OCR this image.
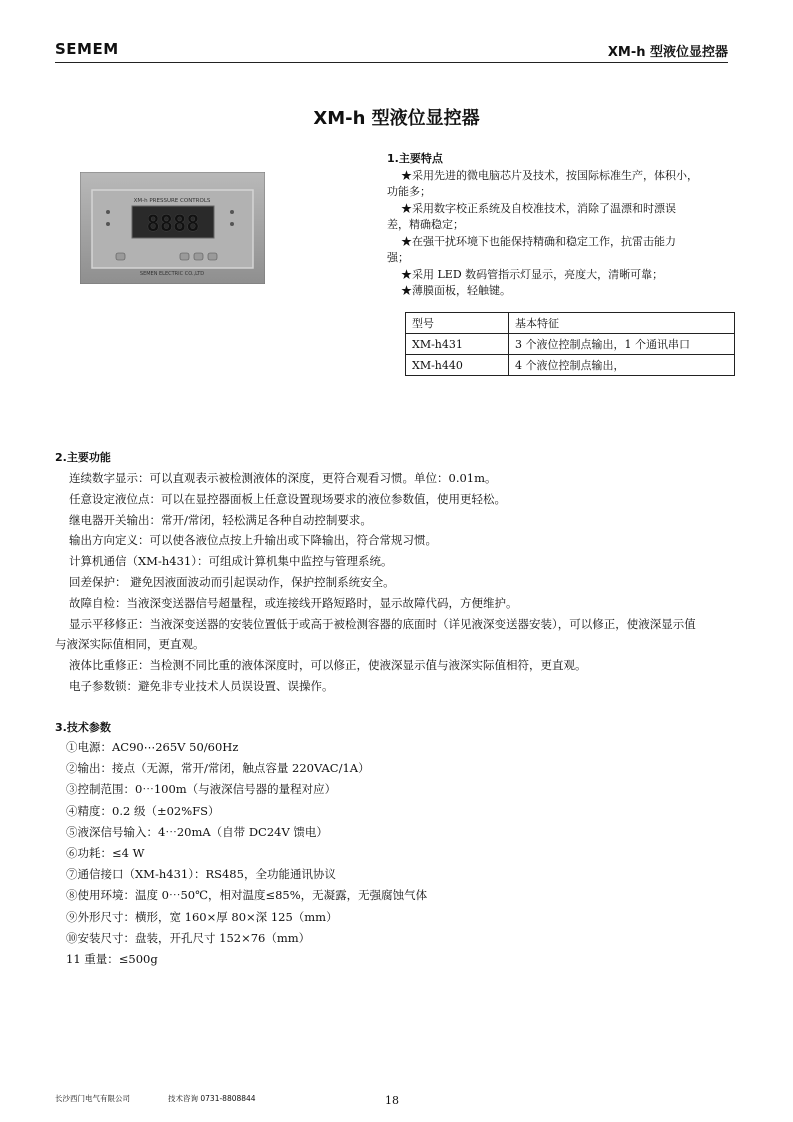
SEMEM	XM-h 型液位显控器
XM-h 型液位显控器
XM-h PRESSURE CONTROLS
8888
SEMEN ELECTRIC CO.,LTD
1.主要特点

★采用先进的微电脑芯片及技术，按国际标准生产，体积小，

功能多；

★采用数字校正系统及自校准技术，消除了温漂和时漂误

差，精确稳定；

★在强干扰环境下也能保持精确和稳定工作，抗雷击能力

强；

★采用 LED 数码管指示灯显示，亮度大，清晰可靠；

★薄膜面板，轻触键。

型号	基本特征
XM-h431	3 个液位控制点输出，1 个通讯串口
XM-h440	4 个液位控制点输出，
2.主要功能

连续数字显示：可以直观表示被检测液体的深度，更符合观看习惯。单位：0.01m。

任意设定液位点：可以在显控器面板上任意设置现场要求的液位参数值，使用更轻松。

继电器开关输出：常开/常闭，轻松满足各种自动控制要求。

输出方向定义：可以使各液位点按上升输出或下降输出，符合常规习惯。

计算机通信（XM-h431）：可组成计算机集中监控与管理系统。

回差保护： 避免因液面波动而引起误动作，保护控制系统安全。

故障自检：当液深变送器信号超量程，或连接线开路短路时，显示故障代码，方便维护。

显示平移修正：当液深变送器的安装位置低于或高于被检测容器的底面时（详见液深变送器安装），可以修正，使液深显示值

与液深实际值相同，更直观。

液体比重修正：当检测不同比重的液体深度时，可以修正，使液深显示值与液深实际值相符，更直观。

电子参数锁：避免非专业技术人员误设置、误操作。

3.技术参数

①电源：AC90⋯265V 50/60Hz

②输出：接点（无源，常开/常闭，触点容量 220VAC/1A）

③控制范围：0⋯100m（与液深信号器的量程对应）

④精度：0.2 级（±02%FS）

⑤液深信号输入：4⋯20mA（自带 DC24V 馈电）

⑥功耗：≤4 W

⑦通信接口（XM-h431）：RS485，全功能通讯协议

⑧使用环境：温度 0⋯50℃，相对温度≤85%，无凝露，无强腐蚀气体

⑨外形尺寸：横形，宽 160×厚 80×深 125（mm）

⑩安装尺寸：盘装，开孔尺寸 152×76（mm）

11 重量：≤500g

长沙西门电气有限公司	技术咨询 0731-8808844	18
